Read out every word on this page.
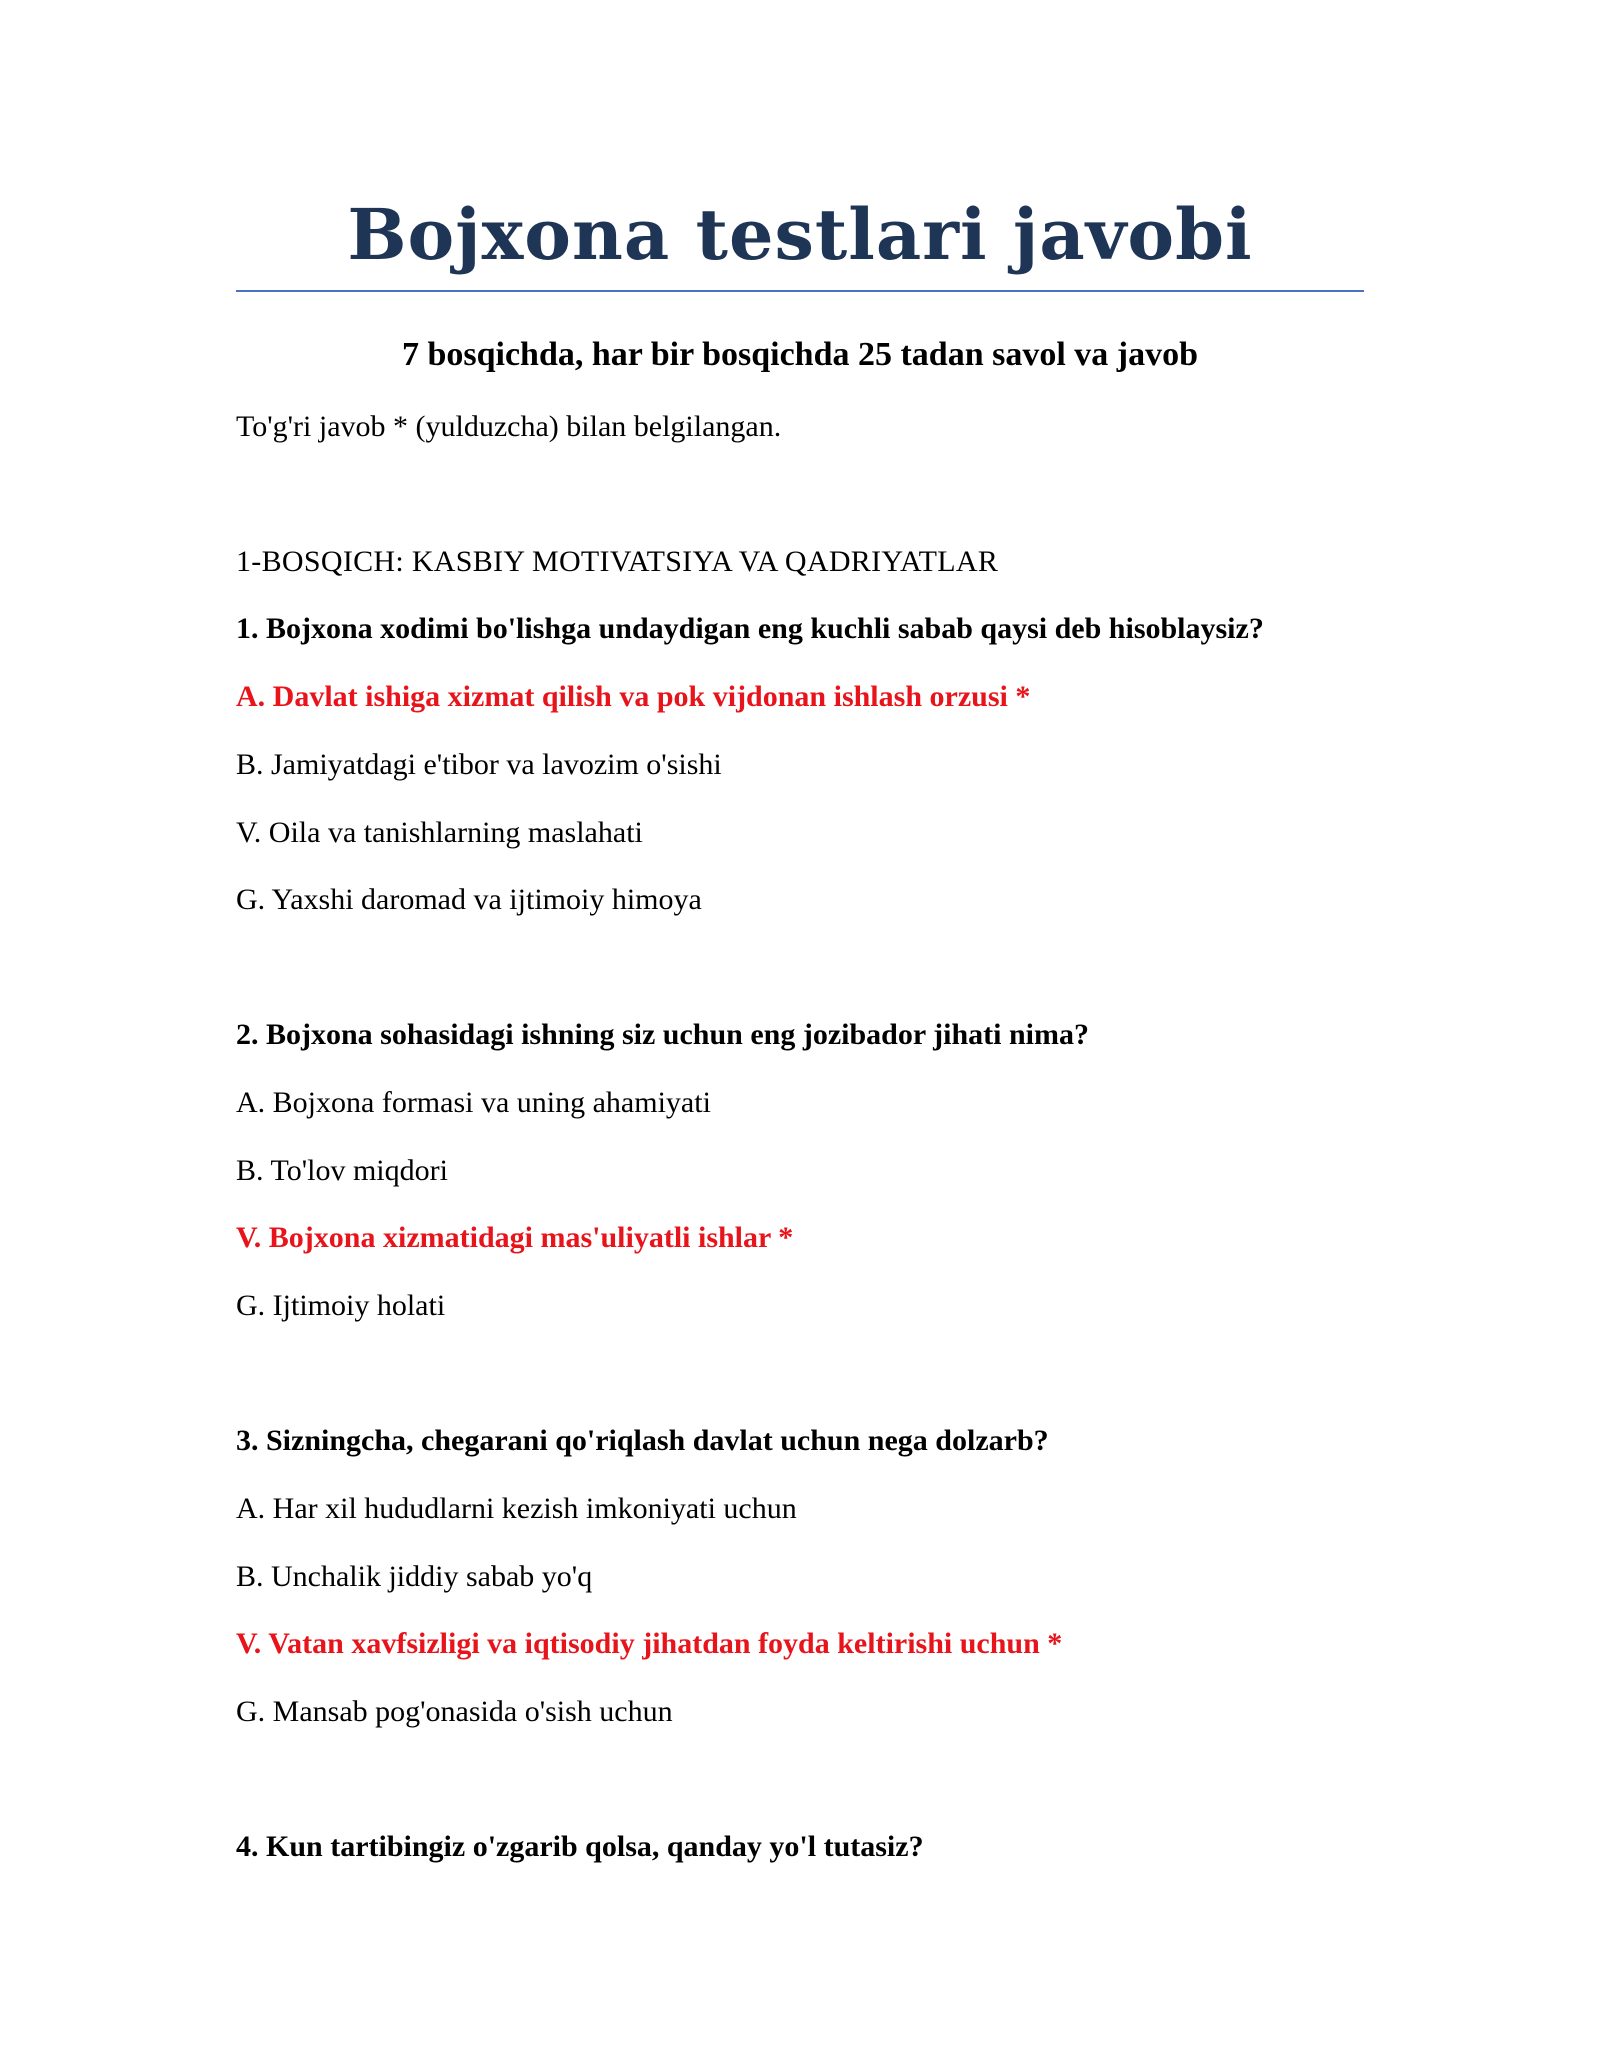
Bojxona testlari javobi
7 bosqichda, har bir bosqichda 25 tadan savol va javob
To'g'ri javob * (yulduzcha) bilan belgilangan.
1-BOSQICH: KASBIY MOTIVATSIYA VA QADRIYATLAR
1. Bojxona xodimi bo'lishga undaydigan eng kuchli sabab qaysi deb hisoblaysiz?
A. Davlat ishiga xizmat qilish va pok vijdonan ishlash orzusi *
B. Jamiyatdagi e'tibor va lavozim o'sishi
V. Oila va tanishlarning maslahati
G. Yaxshi daromad va ijtimoiy himoya
2. Bojxona sohasidagi ishning siz uchun eng jozibador jihati nima?
A. Bojxona formasi va uning ahamiyati
B. To'lov miqdori
V. Bojxona xizmatidagi mas'uliyatli ishlar *
G. Ijtimoiy holati
3. Sizningcha, chegarani qo'riqlash davlat uchun nega dolzarb?
A. Har xil hududlarni kezish imkoniyati uchun
B. Unchalik jiddiy sabab yo'q
V. Vatan xavfsizligi va iqtisodiy jihatdan foyda keltirishi uchun *
G. Mansab pog'onasida o'sish uchun
4. Kun tartibingiz o'zgarib qolsa, qanday yo'l tutasiz?
